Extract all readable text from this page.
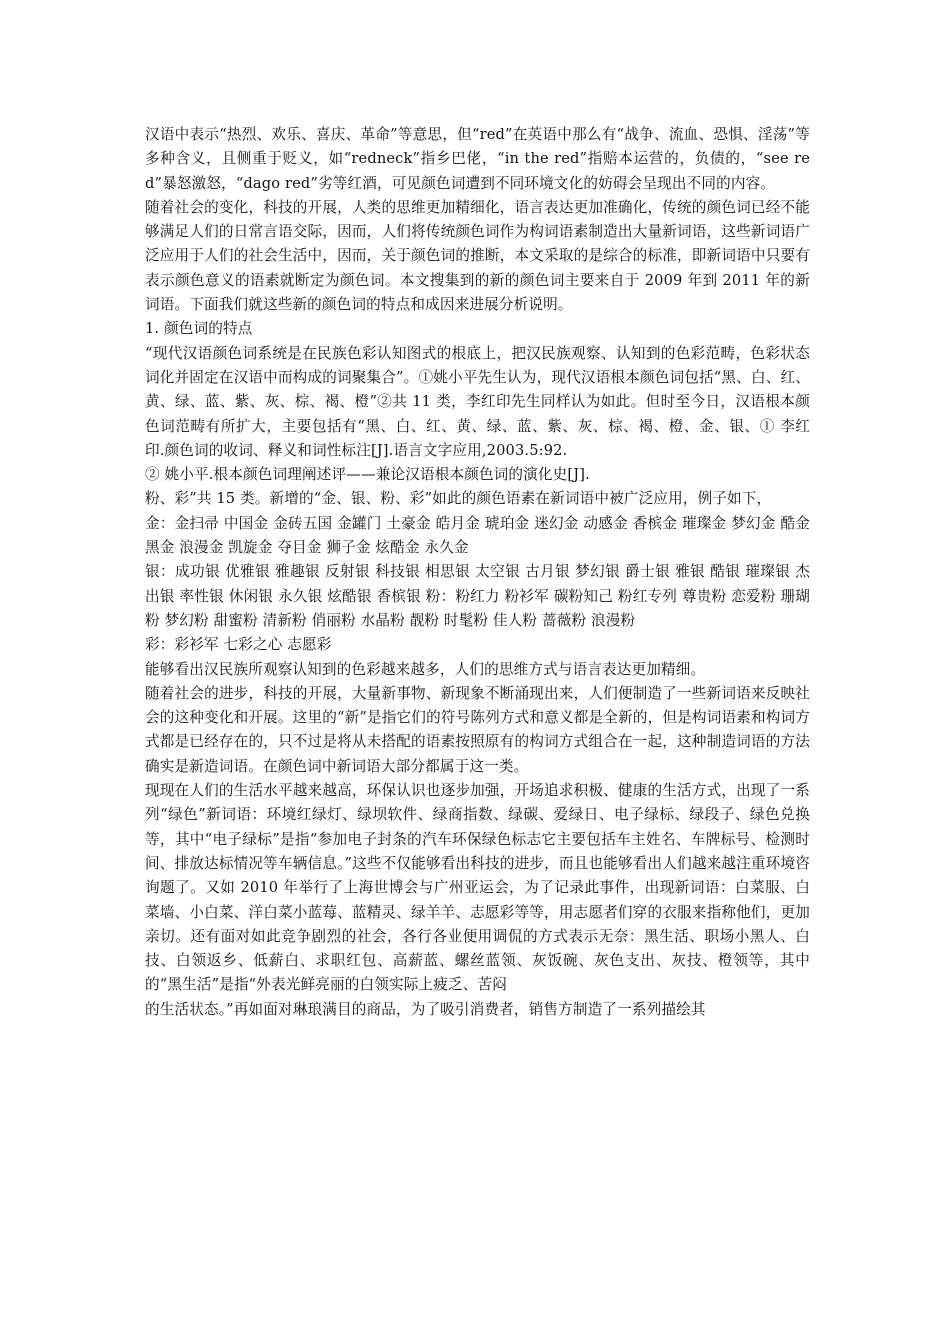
汉语中表示“热烈、欢乐、喜庆、革命”等意思，但“red”在英语中那么有“战争、流血、恐惧、淫荡”等多种含义，且侧重于贬义，如“redneck”指乡巴佬，“in the red”指赔本运营的，负债的，“see red”暴怒激怒，“dago red”劣等红酒，可见颜色词遭到不同环境文化的妨碍会呈现出不同的内容。

随着社会的变化，科技的开展，人类的思维更加精细化，语言表达更加准确化，传统的颜色词已经不能够满足人们的日常言语交际，因而，人们将传统颜色词作为构词语素制造出大量新词语，这些新词语广泛应用于人们的社会生活中，因而，关于颜色词的推断，本文采取的是综合的标准，即新词语中只要有表示颜色意义的语素就断定为颜色词。本文搜集到的新的颜色词主要来自于 2009 年到 2011 年的新词语。下面我们就这些新的颜色词的特点和成因来进展分析说明。

1. 颜色词的特点

“现代汉语颜色词系统是在民族色彩认知图式的根底上，把汉民族观察、认知到的色彩范畴，色彩状态词化并固定在汉语中而构成的词聚集合”。①姚小平先生认为，现代汉语根本颜色词包括“黑、白、红、黄、绿、蓝、紫、灰、棕、褐、橙”②共 11 类，李红印先生同样认为如此。但时至今日，汉语根本颜色词范畴有所扩大，主要包括有“黑、白、红、黄、绿、蓝、紫、灰、棕、褐、橙、金、银、① 李红印.颜色词的收词、释义和词性标注[J].语言文字应用,2003.5:92.

② 姚小平.根本颜色词理阐述评——兼论汉语根本颜色词的演化史[J].

粉、彩”共 15 类。新增的“金、银、粉、彩”如此的颜色语素在新词语中被广泛应用，例子如下，

金：金扫帚 中国金 金砖五国 金罐门 土豪金 皓月金 琥珀金 迷幻金 动感金 香槟金 璀璨金 梦幻金 酷金 黑金 浪漫金 凯旋金 夺目金 狮子金 炫酷金 永久金

银：成功银 优雅银 雅趣银 反射银 科技银 相思银 太空银 古月银 梦幻银 爵士银 雅银 酷银 璀璨银 杰出银 率性银 休闲银 永久银 炫酷银 香槟银 粉：粉红力 粉衫军 碳粉知己 粉红专列 尊贵粉 恋爱粉 珊瑚粉 梦幻粉 甜蜜粉 清新粉 俏丽粉 水晶粉 靓粉 时髦粉 佳人粉 蔷薇粉 浪漫粉

彩：彩衫军 七彩之心 志愿彩

能够看出汉民族所观察认知到的色彩越来越多，人们的思维方式与语言表达更加精细。

随着社会的进步，科技的开展，大量新事物、新现象不断涌现出来，人们便制造了一些新词语来反映社会的这种变化和开展。这里的“新”是指它们的符号陈列方式和意义都是全新的，但是构词语素和构词方式都是已经存在的，只不过是将从未搭配的语素按照原有的构词方式组合在一起，这种制造词语的方法确实是新造词语。在颜色词中新词语大部分都属于这一类。

现现在人们的生活水平越来越高，环保认识也逐步加强，开场追求积极、健康的生活方式，出现了一系列“绿色”新词语：环境红绿灯、绿坝软件、绿商指数、绿碳、爱绿日、电子绿标、绿段子、绿色兑换等，其中“电子绿标”是指“参加电子封条的汽车环保绿色标志它主要包括车主姓名、车牌标号、检测时间、排放达标情况等车辆信息。”这些不仅能够看出科技的进步，而且也能够看出人们越来越注重环境咨询题了。又如 2010 年举行了上海世博会与广州亚运会，为了记录此事件，出现新词语：白菜服、白菜墙、小白菜、洋白菜小蓝莓、蓝精灵、绿羊羊、志愿彩等等，用志愿者们穿的衣服来指称他们，更加亲切。还有面对如此竞争剧烈的社会，各行各业便用调侃的方式表示无奈：黑生活、职场小黑人、白技、白领返乡、低薪白、求职红包、高薪蓝、螺丝蓝领、灰饭碗、灰色支出、灰技、橙领等，其中的“黑生活”是指“外表光鲜亮丽的白领实际上疲乏、苦闷

的生活状态。”再如面对琳琅满目的商品，为了吸引消费者，销售方制造了一系列描绘其
